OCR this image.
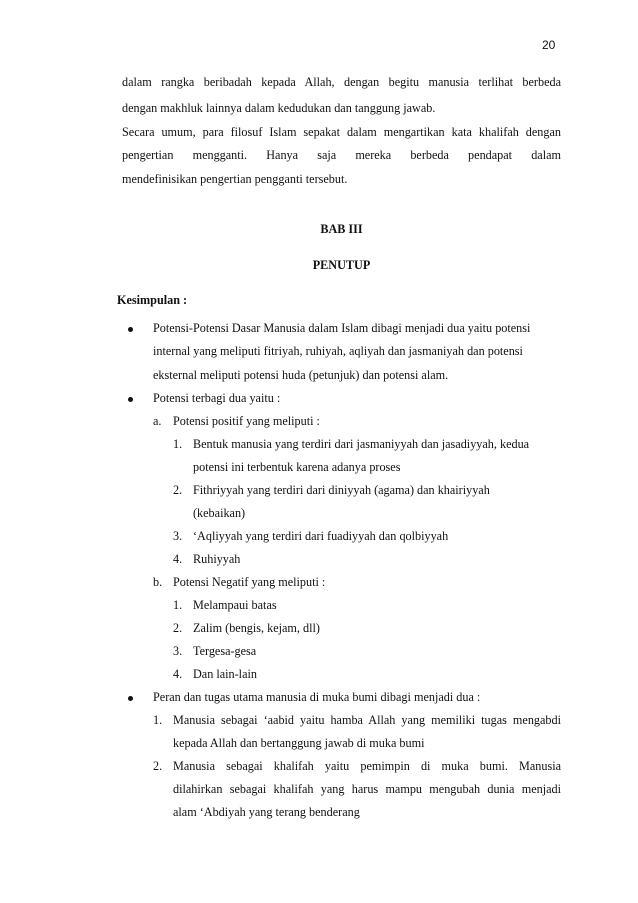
20
dalam rangka beribadah kepada Allah, dengan begitu manusia terlihat berbeda
dengan makhluk lainnya dalam kedudukan dan tanggung jawab.
Secara umum, para filosuf Islam sepakat dalam mengartikan kata khalifah dengan
pengertian mengganti. Hanya saja mereka berbeda pendapat dalam
mendefinisikan pengertian pengganti tersebut.
BAB III
PENUTUP
Kesimpulan :
Potensi-Potensi Dasar Manusia dalam Islam dibagi menjadi dua yaitu potensi
internal yang meliputi fitriyah, ruhiyah, aqliyah dan jasmaniyah dan potensi
eksternal meliputi potensi huda (petunjuk) dan potensi alam.
Potensi terbagi dua yaitu :
a. Potensi positif yang meliputi :
1. Bentuk manusia yang terdiri dari jasmaniyyah dan jasadiyyah, kedua
potensi ini terbentuk karena adanya proses
2. Fithriyyah yang terdiri dari diniyyah (agama) dan khairiyyah
(kebaikan)
3. ‘Aqliyyah yang terdiri dari fuadiyyah dan qolbiyyah
4. Ruhiyyah
b. Potensi Negatif yang meliputi :
1. Melampaui batas
2. Zalim (bengis, kejam, dll)
3. Tergesa-gesa
4. Dan lain-lain
Peran dan tugas utama manusia di muka bumi dibagi menjadi dua :
1. Manusia sebagai ‘aabid yaitu hamba Allah yang memiliki tugas mengabdi
kepada Allah dan bertanggung jawab di muka bumi
2. Manusia sebagai khalifah yaitu pemimpin di muka bumi. Manusia
dilahirkan sebagai khalifah yang harus mampu mengubah dunia menjadi
alam ‘Abdiyah yang terang benderang
